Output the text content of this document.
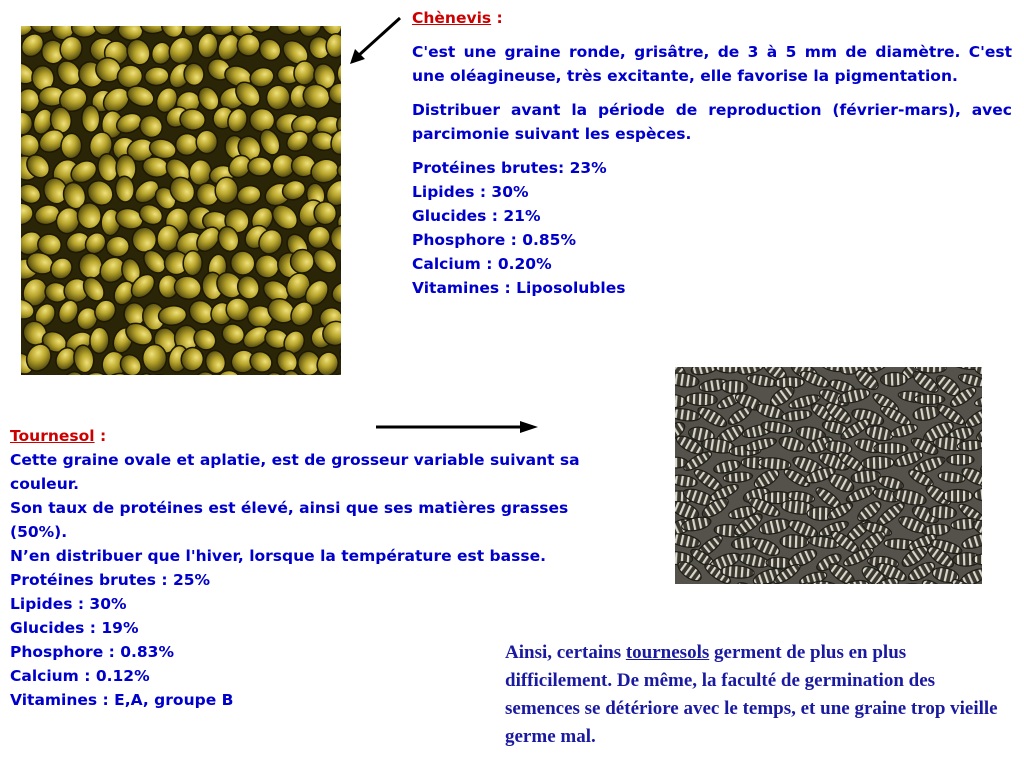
Chènevis :

C'est une graine ronde, grisâtre, de 3 à 5 mm de diamètre. C'est une oléagineuse, très excitante, elle favorise la pigmentation.

Distribuer avant la période de reproduction (février-mars), avec parcimonie suivant les espèces.

Protéines brutes: 23%

Lipides : 30%

Glucides : 21%

Phosphore : 0.85%

Calcium : 0.20%

Vitamines : Liposolubles

Tournesol :
Cette graine ovale et aplatie, est de grosseur variable suivant sa
couleur.
Son taux de protéines est élevé, ainsi que ses matières grasses
(50%).
N’en distribuer que l'hiver, lorsque la température est basse.
Protéines brutes : 25%
Lipides : 30%
Glucides : 19%
Phosphore : 0.83%
Calcium : 0.12%
Vitamines : E,A, groupe B
Ainsi, certains tournesols germent de plus en plus difficilement. De même, la faculté de germination des semences se détériore avec le temps, et une graine trop vieille germe mal.
